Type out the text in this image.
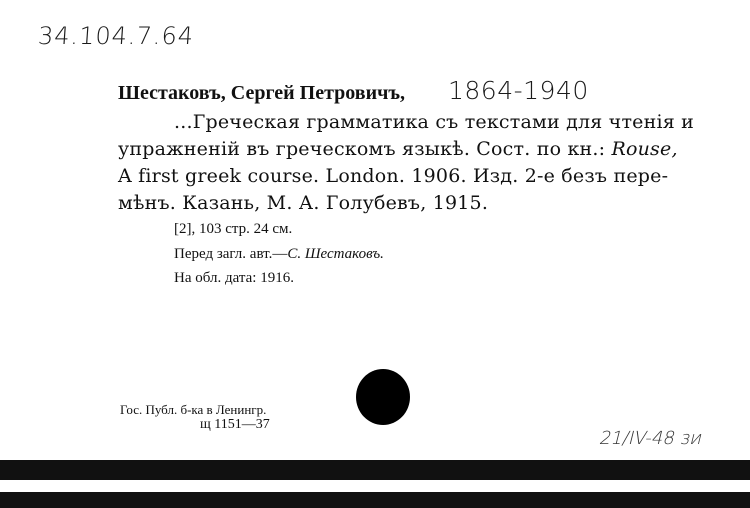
34.104.7.64
Шестаковъ, Сергей Петровичъ, 1864-1940
...Греческая грамматика съ текстами для чтенія и
упражненій въ греческомъ языкѣ. Сост. по кн.: Rouse,
A first greek course. London. 1906. Изд. 2-е безъ пере-
мѣнъ. Казань, М. А. Голубевъ, 1915.
[2], 103 стр. 24 см.
Перед загл. авт.—С. Шестаковъ.
На обл. дата: 1916.
Гос. Публ. б-ка в Ленингр.
щ 1151—37
21/IV-48 зи
